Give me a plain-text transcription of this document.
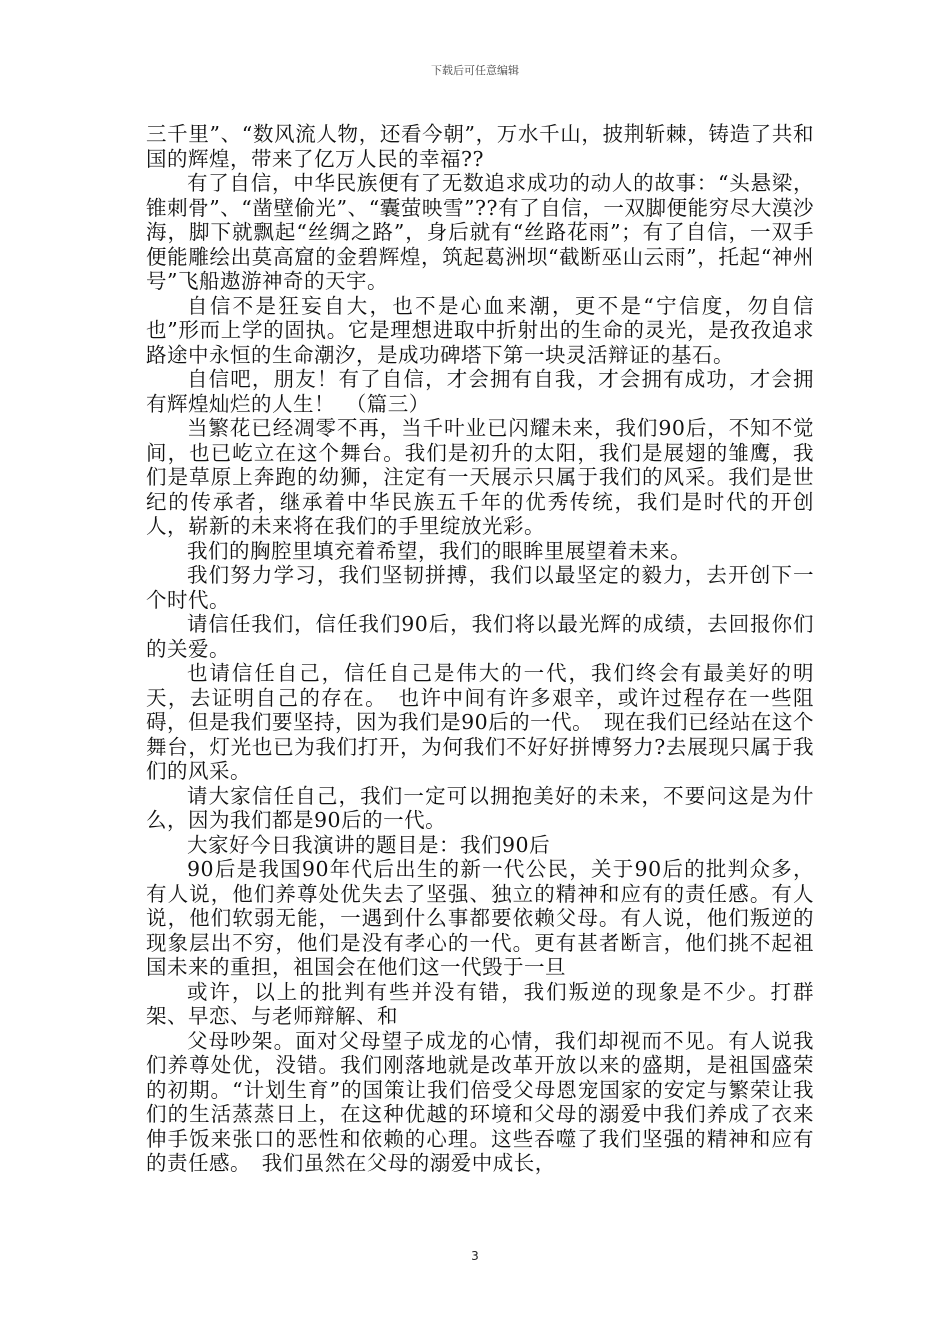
下载后可任意编辑

三千里”、“数风流人物，还看今朝”，万水千山，披荆斩棘，铸造了共和国的辉煌，带来了亿万人民的幸福??

有了自信，中华民族便有了无数追求成功的动人的故事：“头悬梁，锥刺骨”、“凿壁偷光”、“囊萤映雪”??有了自信，一双脚便能穷尽大漠沙海，脚下就飘起“丝绸之路”，身后就有“丝路花雨”；有了自信，一双手便能雕绘出莫高窟的金碧辉煌，筑起葛洲坝“截断巫山云雨”，托起“神州号”飞船遨游神奇的天宇。

自信不是狂妄自大，也不是心血来潮，更不是“宁信度，勿自信也”形而上学的固执。它是理想进取中折射出的生命的灵光，是孜孜追求路途中永恒的生命潮汐，是成功碑塔下第一块灵活辩证的基石。

自信吧，朋友！有了自信，才会拥有自我，才会拥有成功，才会拥有辉煌灿烂的人生！　（篇三）

当繁花已经凋零不再，当千叶业已闪耀未来，我们90后，不知不觉间，也已屹立在这个舞台。我们是初升的太阳，我们是展翅的雏鹰，我们是草原上奔跑的幼狮，注定有一天展示只属于我们的风采。我们是世纪的传承者，继承着中华民族五千年的优秀传统，我们是时代的开创人，崭新的未来将在我们的手里绽放光彩。

我们的胸腔里填充着希望，我们的眼眸里展望着未来。

我们努力学习，我们坚韧拼搏，我们以最坚定的毅力，去开创下一个时代。

请信任我们，信任我们90后，我们将以最光辉的成绩，去回报你们的关爱。

也请信任自己，信任自己是伟大的一代，我们终会有最美好的明天，去证明自己的存在。　也许中间有许多艰辛，或许过程存在一些阻碍，但是我们要坚持，因为我们是90后的一代。　现在我们已经站在这个舞台，灯光也已为我们打开，为何我们不好好拼博努力?去展现只属于我们的风采。

请大家信任自己，我们一定可以拥抱美好的未来，不要问这是为什么，因为我们都是90后的一代。

大家好今日我演讲的题目是：我们90后

90后是我国90年代后出生的新一代公民，关于90后的批判众多，有人说，他们养尊处优失去了坚强、独立的精神和应有的责任感。有人说，他们软弱无能，一遇到什么事都要依赖父母。有人说，他们叛逆的现象层出不穷，他们是没有孝心的一代。更有甚者断言，他们挑不起祖国未来的重担，祖国会在他们这一代毁于一旦

或许，以上的批判有些并没有错，我们叛逆的现象是不少。打群架、早恋、与老师辩解、和

父母吵架。面对父母望子成龙的心情，我们却视而不见。有人说我们养尊处优，没错。我们刚落地就是改革开放以来的盛期，是祖国盛荣的初期。“计划生育”的国策让我们倍受父母恩宠国家的安定与繁荣让我们的生活蒸蒸日上，在这种优越的环境和父母的溺爱中我们养成了衣来伸手饭来张口的恶性和依赖的心理。这些吞噬了我们坚强的精神和应有的责任感。　我们虽然在父母的溺爱中成长，

3
